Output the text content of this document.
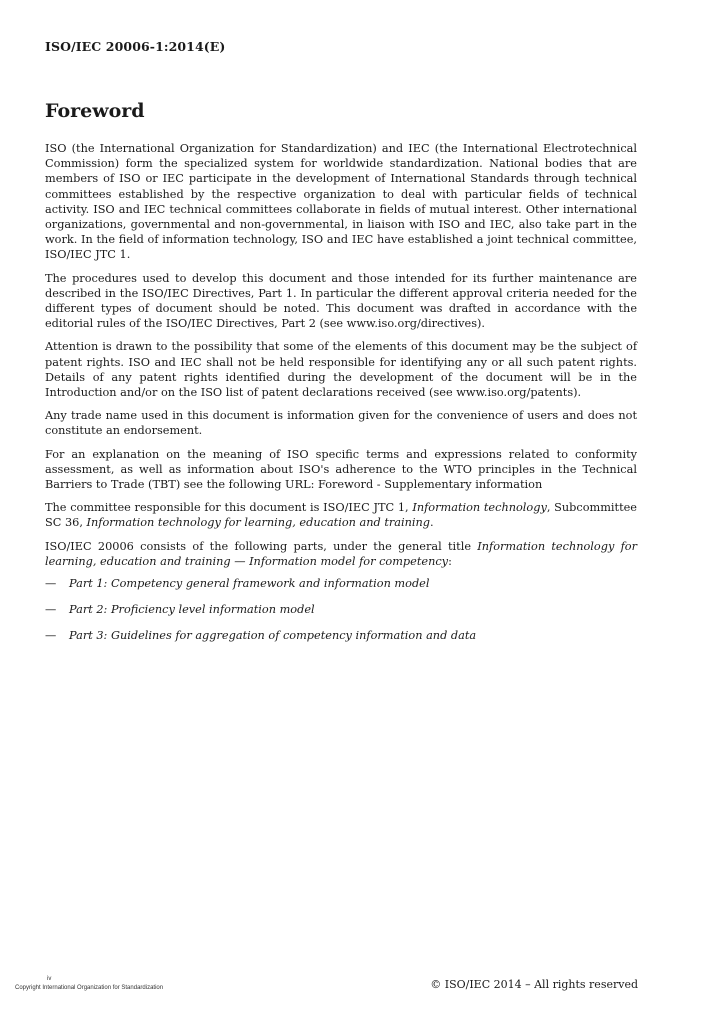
ISO/IEC 20006-1:2014(E)
Foreword

ISO (the International Organization for Standardization) and IEC (the International Electrotechnical Commission) form the specialized system for worldwide standardization. National bodies that are members of ISO or IEC participate in the development of International Standards through technical committees established by the respective organization to deal with particular fields of technical activity. ISO and IEC technical committees collaborate in fields of mutual interest. Other international organizations, governmental and non-governmental, in liaison with ISO and IEC, also take part in the work. In the field of information technology, ISO and IEC have established a joint technical committee, ISO/IEC JTC 1.

The procedures used to develop this document and those intended for its further maintenance are described in the ISO/IEC Directives, Part 1. In particular the different approval criteria needed for the different types of document should be noted. This document was drafted in accordance with the editorial rules of the ISO/IEC Directives, Part 2 (see www.iso.org/directives).

Attention is drawn to the possibility that some of the elements of this document may be the subject of patent rights. ISO and IEC shall not be held responsible for identifying any or all such patent rights. Details of any patent rights identified during the development of the document will be in the Introduction and/or on the ISO list of patent declarations received (see www.iso.org/patents).

Any trade name used in this document is information given for the convenience of users and does not constitute an endorsement.

For an explanation on the meaning of ISO specific terms and expressions related to conformity assessment, as well as information about ISO's adherence to the WTO principles in the Technical Barriers to Trade (TBT) see the following URL: Foreword - Supplementary information

The committee responsible for this document is ISO/IEC JTC 1, Information technology, Subcommittee SC 36, Information technology for learning, education and training.

ISO/IEC 20006 consists of the following parts, under the general title Information technology for learning, education and training — Information model for competency:

—	Part 1: Competency general framework and information model
—	Part 2: Proficiency level information model
—	Part 3: Guidelines for aggregation of competency information and data
iv
Copyright International Organization for Standardization	© ISO/IEC 2014 – All rights reserved
